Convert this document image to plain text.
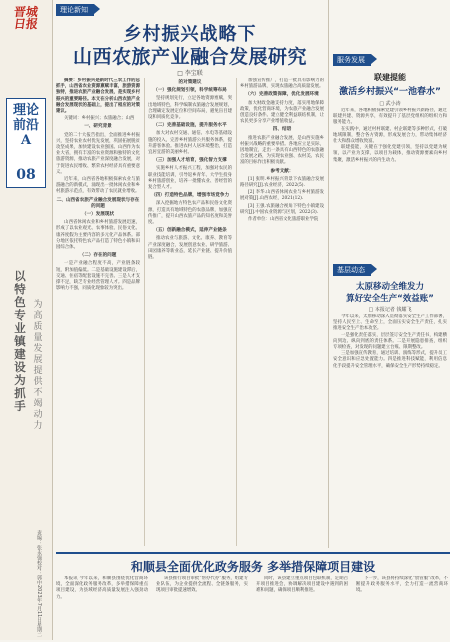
晋城
日报
理论
前沿
A
08
以
特
色
专
业
镇
建
设
为
抓
手
为
高
质
量
发
展
提
供
不
竭
动
力
责编：张永强
校对：郭中
2023年7月11日
星期二
理论新知
乡村振兴战略下
山西农旅产业融合发展研究
□ 李宝联

摘要：乡村振兴是新时代三农工作的总抓手，山西省农业资源禀赋丰富，旅游资源独特，推进农旅产业融合发展，是实现乡村振兴的重要路径。本文在分析山西农旅产业融合发展现状的基础上，提出了相应的对策建议。

关键词：乡村振兴；农旅融合；山西

一、研究背景

党的二十大报告指出，全面推进乡村振兴，坚持农业农村优先发展，巩固拓展脱贫攻坚成果，加快建设农业强国。山西作为农业大省，拥有丰富的农业资源和独特的文化旅游资源，推动农旅产业深度融合发展，对于促进农民增收、繁荣农村经济具有重要意义。

近年来，山西省各地积极探索农业与旅游融合的新模式，涌现出一批休闲农业和乡村旅游示范点，有效带动了农民就业增收。

二、山西省农旅产业融合发展现状与存在的问题

（一）发展现状

山西省休闲农业和乡村旅游发展迅速，形成了以农业观光、农事体验、民俗文化、康养度假为主要内容的多元化产品体系。部分地区依托特色农产品打造了特色小镇和田园综合体。

（二）存在的问题

一是产业融合程度不高，产业链条较短，附加值偏低。二是基础设施建设滞后，交通、住宿等配套设施不完善。三是人才支撑不足，缺乏专业经营管理人才。四是品牌影响力不强，同质化现象较为突出。

的对策建议

（一）强化规划引领，科学统筹布局

坚持规划先行，立足各地资源禀赋，突出地域特色，科学编制农旅融合发展规划，合理确定发展定位和空间布局，避免盲目建设和同质化竞争。

（二）完善基础设施，提升服务水平

加大对农村交通、通信、水电等基础设施的投入，完善乡村旅游公共服务体系，提升游客体验。推进农村人居环境整治，打造宜居宜游的美丽乡村。

（三）加强人才培育，强化智力支撑

实施乡村人才振兴工程，加强对农民的职业技能培训，引导返乡青年、大学生投身乡村旅游创业，培养一批懂农业、善经营的复合型人才。

（四）打造特色品牌，增强市场竞争力

深入挖掘地方特色农产品和民俗文化资源，打造具有地域特色的农旅品牌，加强宣传推广，提升山西农旅产品的知名度和美誉度。

（五）创新融合模式，延伸产业链条

推动农业与旅游、文化、康养、教育等产业深度融合，发展创意农业、研学旅游、田园康养等新业态，延长产业链、提升价值链。

加强宣传推广，打造一批具有影响力的乡村旅游品牌，实现农旅融合高质量发展。

（六）完善政策保障，优化发展环境

加大财政金融支持力度，落实用地保障政策，优化营商环境，为农旅产业融合发展创造良好条件。建立健全利益联结机制，让农民更多分享产业增值收益。

四、结语

推进农旅产业融合发展，是山西实施乡村振兴战略的重要举措。各地应立足实际，因地制宜，走出一条具有山西特色的农旅融合发展之路，为实现农业强、农村美、农民富的目标作出积极贡献。

参考文献：

[1] 张明.乡村振兴背景下农旅融合发展路径研究[J].农业经济，2022(5).

[2] 李华.山西省休闲农业与乡村旅游发展对策[J].山西农经，2021(12).

[3] 王强.农旅融合视角下特色小镇建设研究[J].中国农业资源与区划，2022(3).

作者单位：山西省文化旅游职业学院

服务发展
联建提能
激活乡村振兴“一池春水”
□ 武小涛

近年来，各地积极探索党建引领乡村振兴新路径，通过联建共建、资源共享，有效提升了基层党组织的组织力和服务能力。

在实践中，通过村村联建、村企联建等多种形式，打破地域限制，整合各方资源，形成发展合力，带动集体经济壮大和群众增收致富。

联建提能，关键在于强化党建引领，坚持以党建为统领，以产业为支撑，以项目为载体，推动资源要素向乡村集聚，激活乡村振兴的内生动力。

基层动态
太原移动全维发力
算好安全生产“效益账”
□ 本报记者 钱耀飞

今年以来，太原移动深入贯彻落实安全生产工作部署，坚持人民至上、生命至上，全面压实安全生产责任，扎实推进安全生产治本攻坚。

一是强化责任落实，层层签订安全生产责任书，构建横向到边、纵向到底的责任体系。二是开展隐患排查，组织专项检查，对发现的问题建立台账、限期整改。

三是加强宣传教育，通过培训、演练等形式，提升员工安全意识和应急处置能力。四是推进科技赋能，利用信息化手段提升安全管理水平，确保安全生产形势持续稳定。

和顺县全面优化政务服务 多举措保障项目建设

本报讯 今年以来，和顺县围绕优化营商环境，全面深化政务服务改革，多举措保障重点项目建设，为县域经济高质量发展注入强劲动力。

该县推行项目审批“帮办代办”服务，组建专业队伍，为企业提供全流程、全链条服务，实现项目审批提速增效。

同时，该县建立重点项目包联机制，定期召开项目推进会，协调解决项目建设中遇到的困难和问题，确保项目顺利推进。

下一步，该县将持续深化“放管服”改革，不断提升政务服务水平，全力打造一流营商环境。
